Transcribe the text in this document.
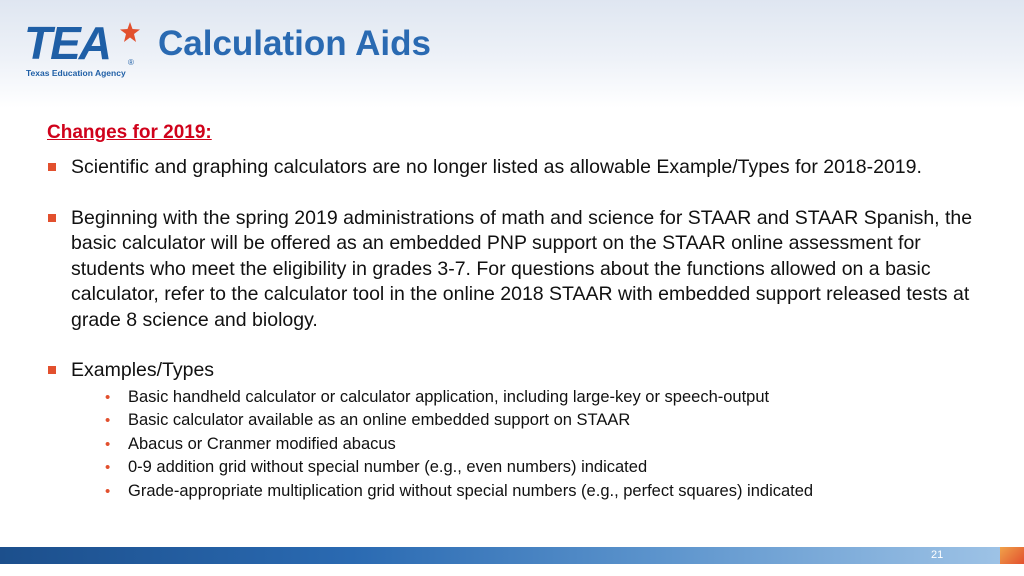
TEA ®
Texas Education Agency
Calculation Aids
Changes for 2019:
Scientific and graphing calculators are no longer listed as allowable Example/Types for 2018-2019.
Beginning with the spring 2019 administrations of math and science for STAAR and STAAR Spanish, the basic calculator will be offered as an embedded PNP support on the STAAR online assessment for students who meet the eligibility in grades 3-7. For questions about the functions allowed on a basic calculator, refer to the calculator tool in the online 2018 STAAR with embedded support released tests at grade 8 science and biology.
Examples/Types
• Basic handheld calculator or calculator application, including large-key or speech-output
• Basic calculator available as an online embedded support on STAAR
• Abacus or Cranmer modified abacus
• 0-9 addition grid without special number (e.g., even numbers) indicated
• Grade-appropriate multiplication grid without special numbers (e.g., perfect squares) indicated
21
